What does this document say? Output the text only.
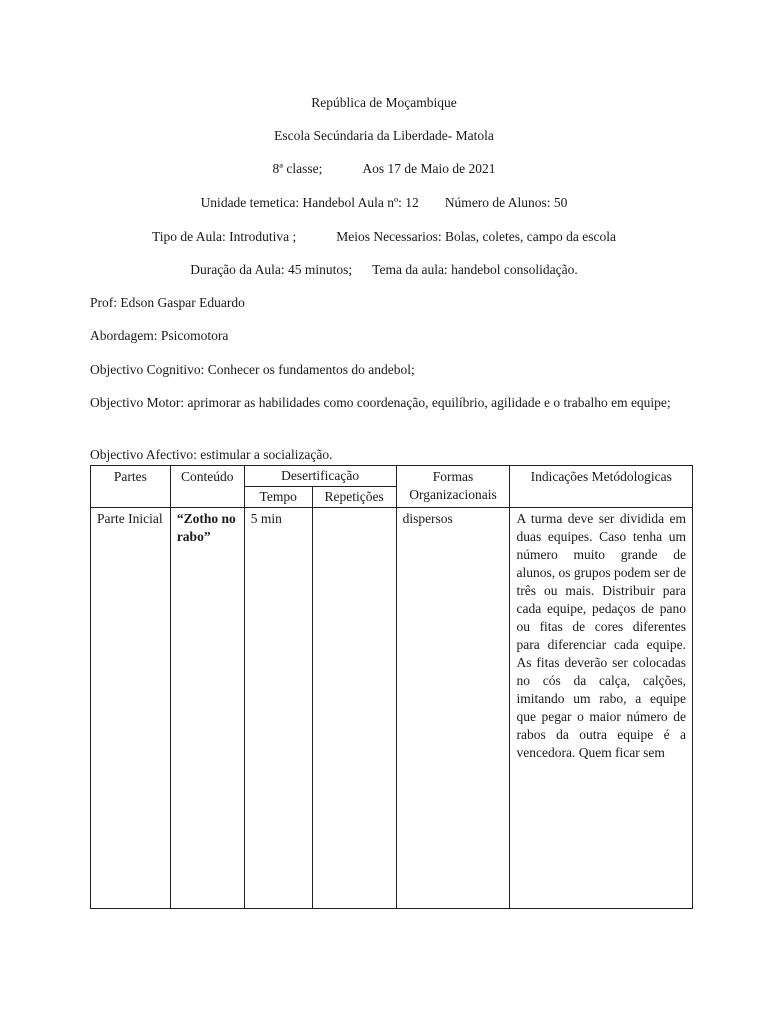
República de Moçambique
Escola Secúndaria da Liberdade- Matola
8ª classe;	Aos 17 de Maio de 2021
Unidade temetica: Handebol Aula nº: 12 Número de Alunos: 50
Tipo de Aula: Introdutiva ;	Meios Necessarios: Bolas, coletes, campo da escola
Duração da Aula: 45 minutos; Tema da aula: handebol consolidação.
Prof: Edson Gaspar Eduardo
Abordagem: Psicomotora
Objectivo Cognitivo: Conhecer os fundamentos do andebol;
Objectivo Motor: aprimorar as habilidades como coordenação, equilíbrio, agilidade e o trabalho em equipe;
Objectivo Afectivo: estimular a socialização.
Partes	Conteúdo	Desertificação		Formas Organizacionais	Indicações Metódologicas
		Tempo	Repetições		
Parte Inicial	“Zotho no rabo”	5 min		dispersos	A turma deve ser dividida em duas equipes. Caso tenha um número muito grande de alunos, os grupos podem ser de três ou mais. Distribuir para cada equipe, pedaços de pano ou fitas de cores diferentes para diferenciar cada equipe. As fitas deverão ser colocadas no cós da calça, calções, imitando um rabo, a equipe que pegar o maior número de rabos da outra equipe é a vencedora. Quem ficar sem
